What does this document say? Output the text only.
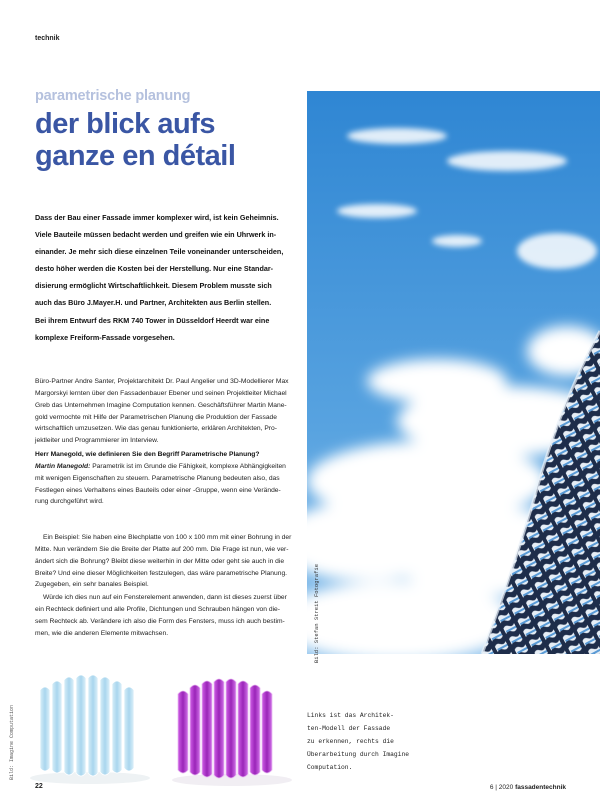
technik
parametrische planung
der blick aufs
ganze en détail
Dass der Bau einer Fassade immer komplexer wird, ist kein Geheimnis.
Viele Bauteile müssen bedacht werden und greifen wie ein Uhrwerk in-
einander. Je mehr sich diese einzelnen Teile voneinander unterscheiden,
desto höher werden die Kosten bei der Herstellung. Nur eine Standar-
disierung ermöglicht Wirtschaftlichkeit. Diesem Problem musste sich
auch das Büro J.Mayer.H. und Partner, Architekten aus Berlin stellen.
Bei ihrem Entwurf des RKM 740 Tower in Düsseldorf Heerdt war eine
komplexe Freiform-Fassade vorgesehen.
Büro-Partner Andre Santer, Projektarchitekt Dr. Paul Angelier und 3D-Modellierer Max
Margorskyi lernten über den Fassadenbauer Ebener und seinen Projektleiter Michael
Greb das Unternehmen Imagine Computation kennen. Geschäftsführer Martin Mane-
gold vermochte mit Hilfe der Parametrischen Planung die Produktion der Fassade
wirtschaftlich umzusetzen. Wie das genau funktionierte, erklären Architekten, Pro-
jektleiter und Programmierer im Interview.
Herr Manegold, wie definieren Sie den Begriff Parametrische Planung?
Martin Manegold: Parametrik ist im Grunde die Fähigkeit, komplexe Abhängigkeiten
mit wenigen Eigenschaften zu steuern. Parametrische Planung bedeuten also, das
Festlegen eines Verhaltens eines Bauteils oder einer -Gruppe, wenn eine Verände-
rung durchgeführt wird.
Ein Beispiel: Sie haben eine Blechplatte von 100 x 100 mm mit einer Bohrung in der
Mitte. Nun verändern Sie die Breite der Platte auf 200 mm. Die Frage ist nun, wie ver-
ändert sich die Bohrung? Bleibt diese weiterhin in der Mitte oder geht sie auch in die
Breite? Und eine dieser Möglichkeiten festzulegen, das wäre parametrische Planung.
Zugegeben, ein sehr banales Beispiel.
Würde ich dies nun auf ein Fensterelement anwenden, dann ist dieses zuerst über
ein Rechteck definiert und alle Profile, Dichtungen und Schrauben hängen von die-
sem Rechteck ab. Verändere ich also die Form des Fensters, muss ich auch bestim-
men, wie die anderen Elemente mitwachsen.	Bild: Stefan Streit Fotografie
Bild: Imagine Computation	Links ist das Architek-
ten-Modell der Fassade
zu erkennen, rechts die
Überarbeitung durch Imagine
Computation.
22	6 | 2020 fassadentechnik
